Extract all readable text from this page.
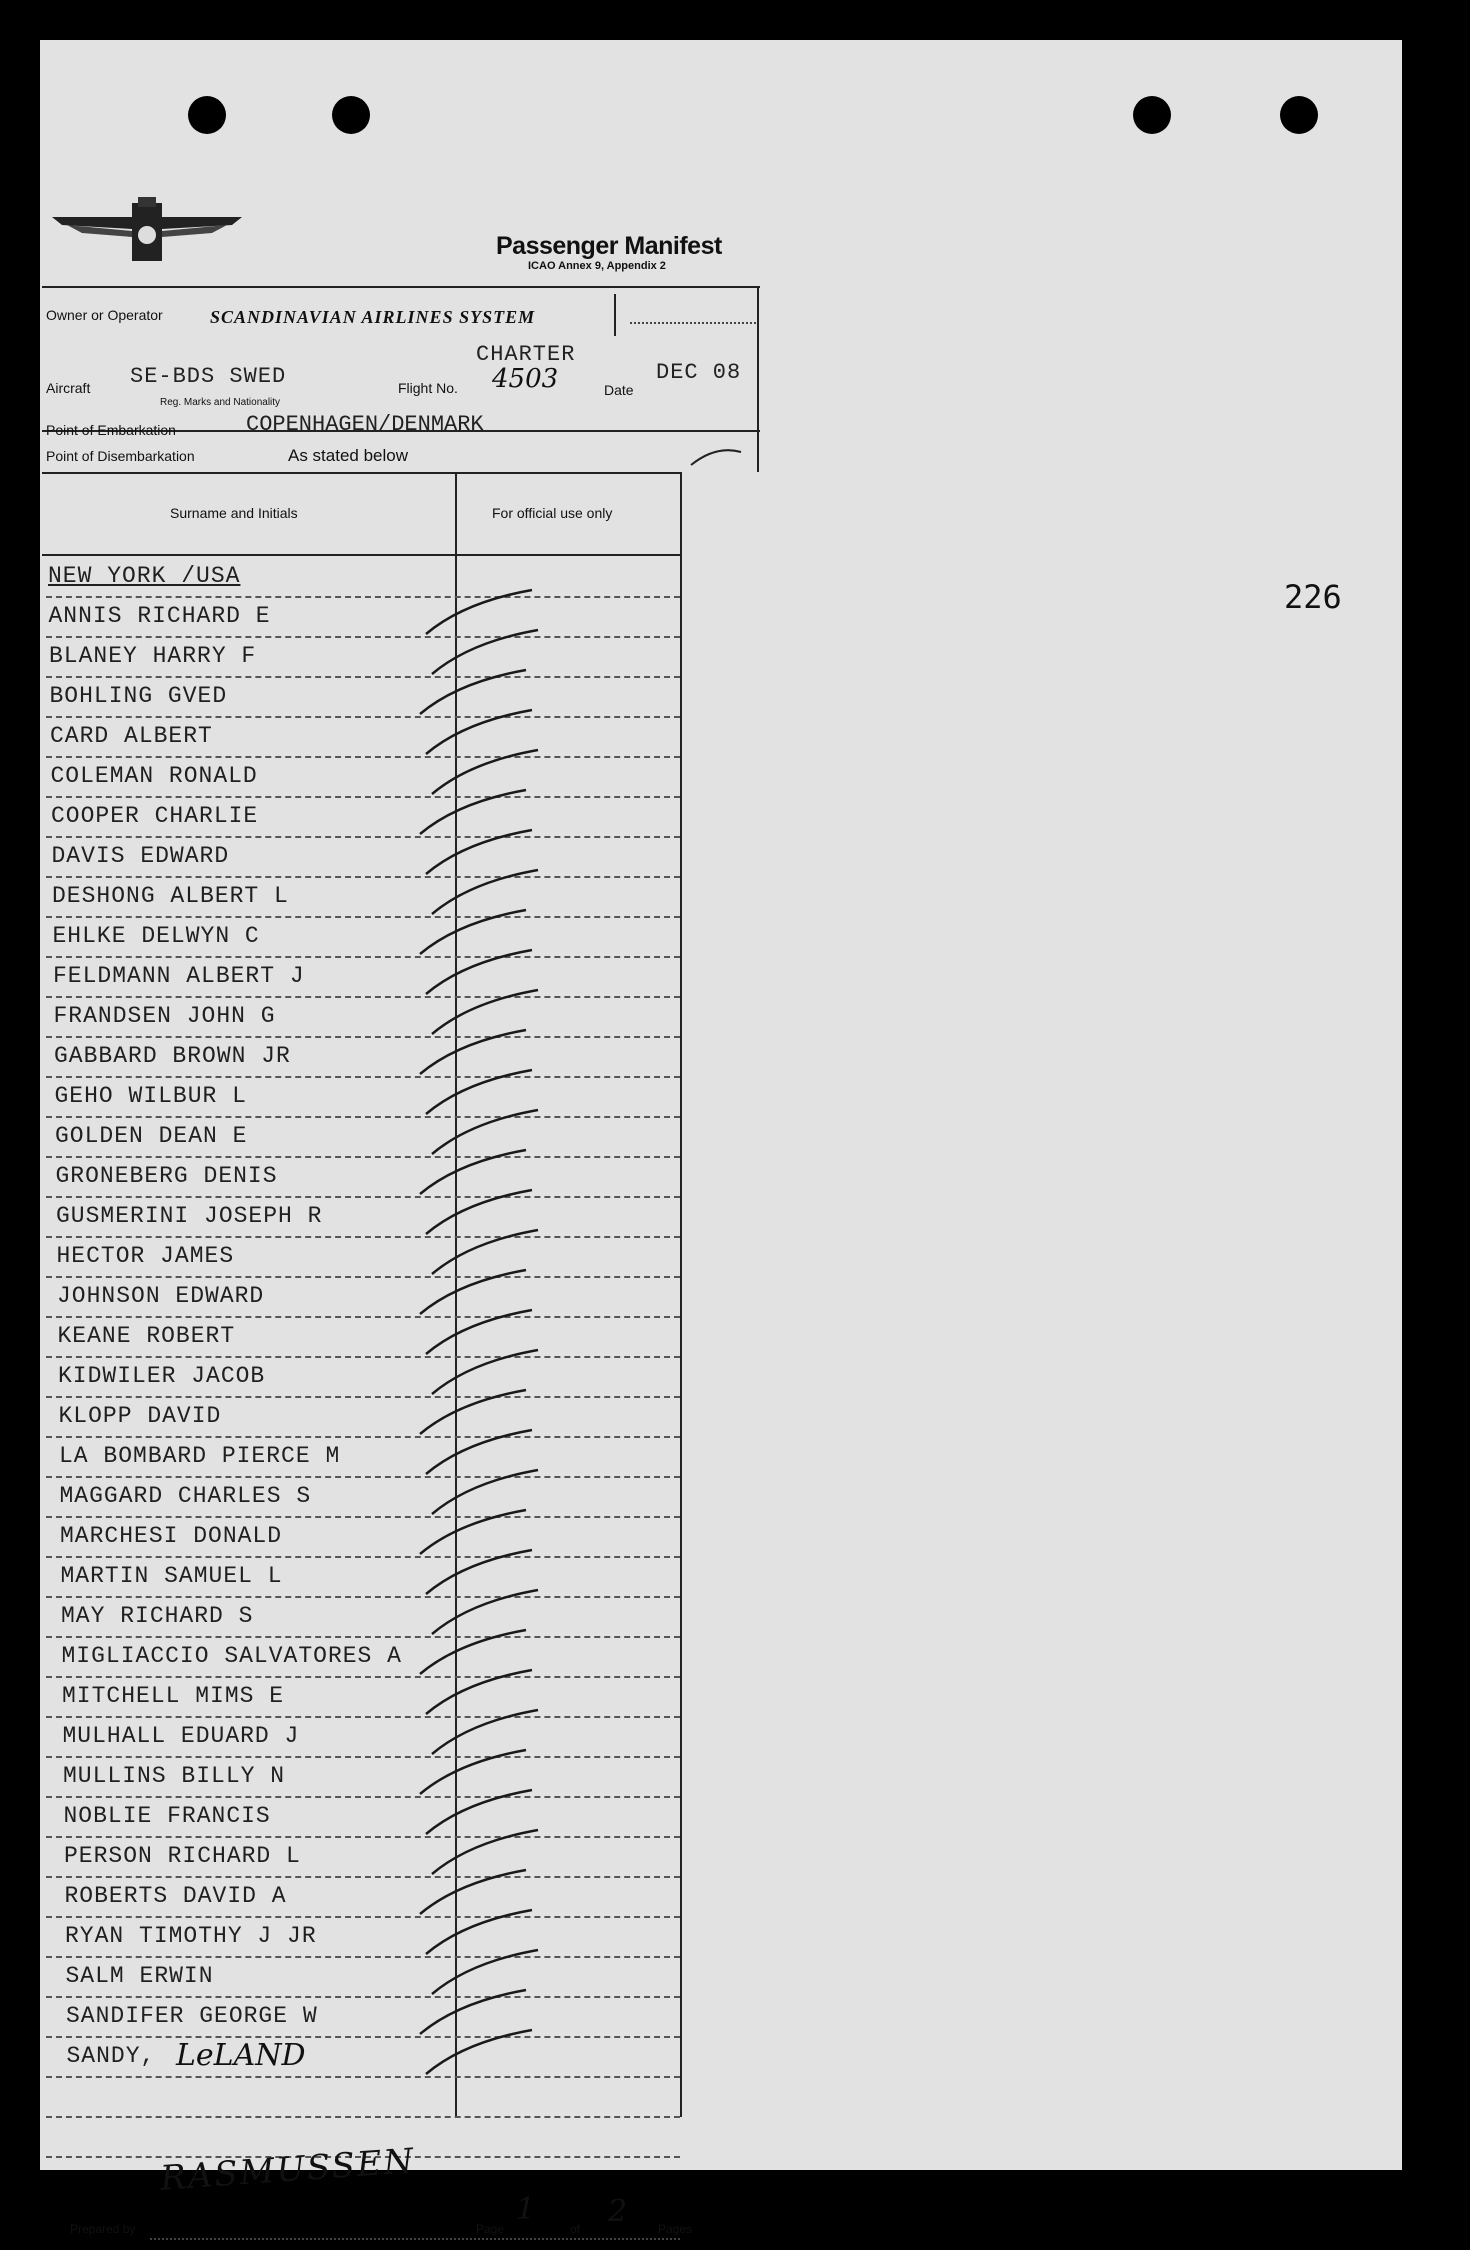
Passenger Manifest
ICAO Annex 9, Appendix 2
Owner or Operator	SCANDINAVIAN AIRLINES SYSTEM
Aircraft SE-BDS SWED
Reg. Marks and Nationality
Flight No.
CHARTER
4503	Date
DEC 08
Point of Embarkation	COPENHAGEN/DENMARK
Point of Disembarkation	As stated below
Surname and Initials	For official use only
226
NEW YORK /USA
ANNIS RICHARD E
BLANEY HARRY F
BOHLING GVED
CARD ALBERT
COLEMAN RONALD
COOPER CHARLIE
DAVIS EDWARD
DESHONG ALBERT L
EHLKE DELWYN C
FELDMANN ALBERT J
FRANDSEN JOHN G
GABBARD BROWN JR
GEHO WILBUR L
GOLDEN DEAN E
GRONEBERG DENIS
GUSMERINI JOSEPH R
HECTOR JAMES
JOHNSON EDWARD
KEANE ROBERT
KIDWILER JACOB
KLOPP DAVID
LA BOMBARD PIERCE M
MAGGARD CHARLES S
MARCHESI DONALD
MARTIN SAMUEL L
MAY RICHARD S
MIGLIACCIO SALVATORES A
MITCHELL MIMS E
MULHALL EDUARD J
MULLINS BILLY N
NOBLIE FRANCIS
PERSON RICHARD L
ROBERTS DAVID A
RYAN TIMOTHY J JR
SALM ERWIN
SANDIFER GEORGE W
SANDY, LeLAND
Prepared by
RASMUSSEN
Page
1
of 2	Pages
